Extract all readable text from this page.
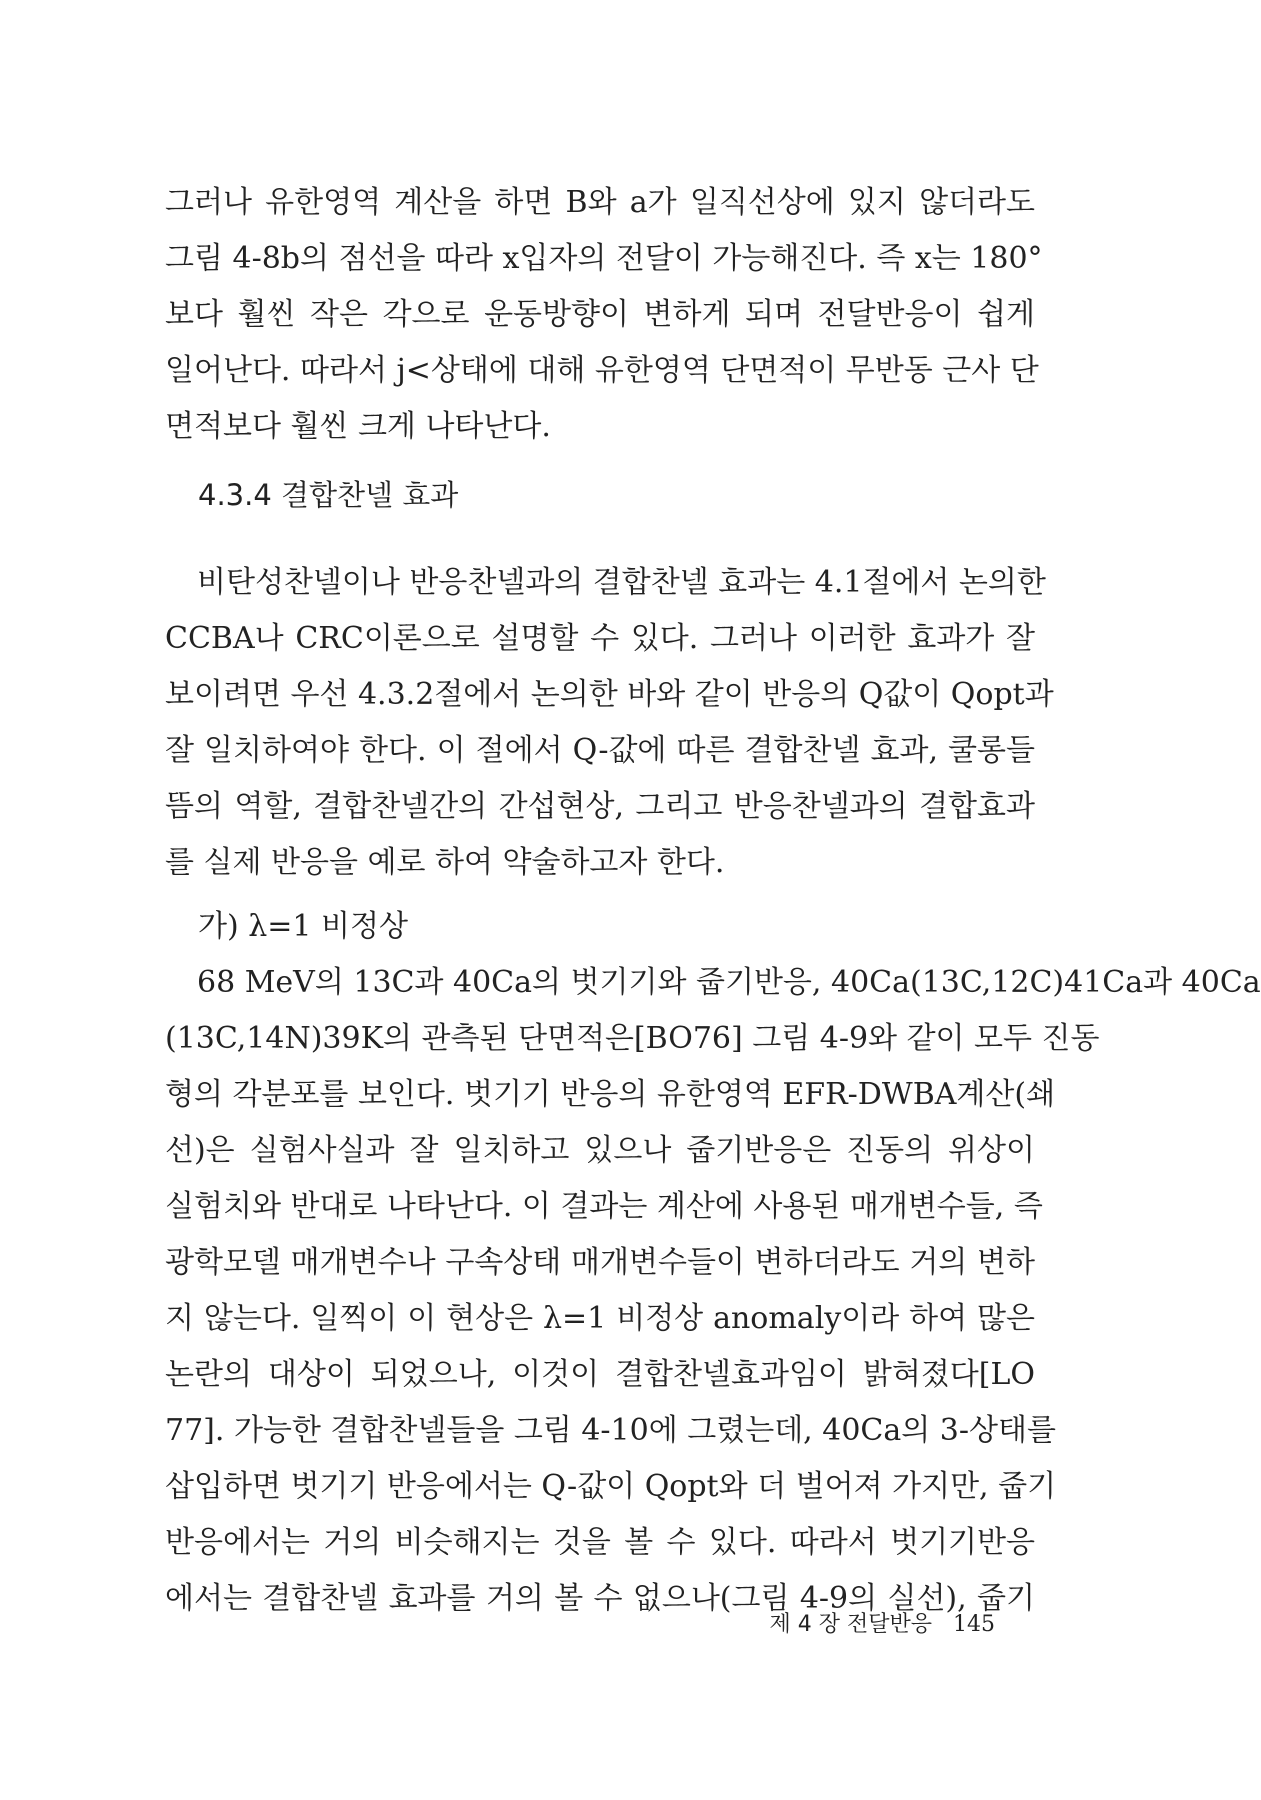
그러나 유한영역 계산을 하면 B와 a가 일직선상에 있지 않더라도
그림 4-8b의 점선을 따라 x입자의 전달이 가능해진다. 즉 x는 180°
보다 훨씬 작은 각으로 운동방향이 변하게 되며 전달반응이 쉽게
일어난다. 따라서 j<상태에 대해 유한영역 단면적이 무반동 근사 단
면적보다 훨씬 크게 나타난다.
4.3.4 결합찬넬 효과
비탄성찬넬이나 반응찬넬과의 결합찬넬 효과는 4.1절에서 논의한
CCBA나 CRC이론으로 설명할 수 있다. 그러나 이러한 효과가 잘
보이려면 우선 4.3.2절에서 논의한 바와 같이 반응의 Q값이 Qopt과
잘 일치하여야 한다. 이 절에서 Q-값에 따른 결합찬넬 효과, 쿨롱들
뜸의 역할, 결합찬넬간의 간섭현상, 그리고 반응찬넬과의 결합효과
를 실제 반응을 예로 하여 약술하고자 한다.
가) λ=1 비정상
68 MeV의 13C과 40Ca의 벗기기와 줍기반응, 40Ca(13C,12C)41Ca과 40Ca
(13C,14N)39K의 관측된 단면적은[BO76] 그림 4-9와 같이 모두 진동
형의 각분포를 보인다. 벗기기 반응의 유한영역 EFR-DWBA계산(쇄
선)은 실험사실과 잘 일치하고 있으나 줍기반응은 진동의 위상이
실험치와 반대로 나타난다. 이 결과는 계산에 사용된 매개변수들, 즉
광학모델 매개변수나 구속상태 매개변수들이 변하더라도 거의 변하
지 않는다. 일찍이 이 현상은 λ=1 비정상 anomaly이라 하여 많은
논란의 대상이 되었으나, 이것이 결합찬넬효과임이 밝혀졌다[LO
77]. 가능한 결합찬넬들을 그림 4-10에 그렸는데, 40Ca의 3-상태를
삽입하면 벗기기 반응에서는 Q-값이 Qopt와 더 벌어져 가지만, 줍기
반응에서는 거의 비슷해지는 것을 볼 수 있다. 따라서 벗기기반응
에서는 결합찬넬 효과를 거의 볼 수 없으나(그림 4-9의 실선), 줍기
제 4 장 전달반응 145
